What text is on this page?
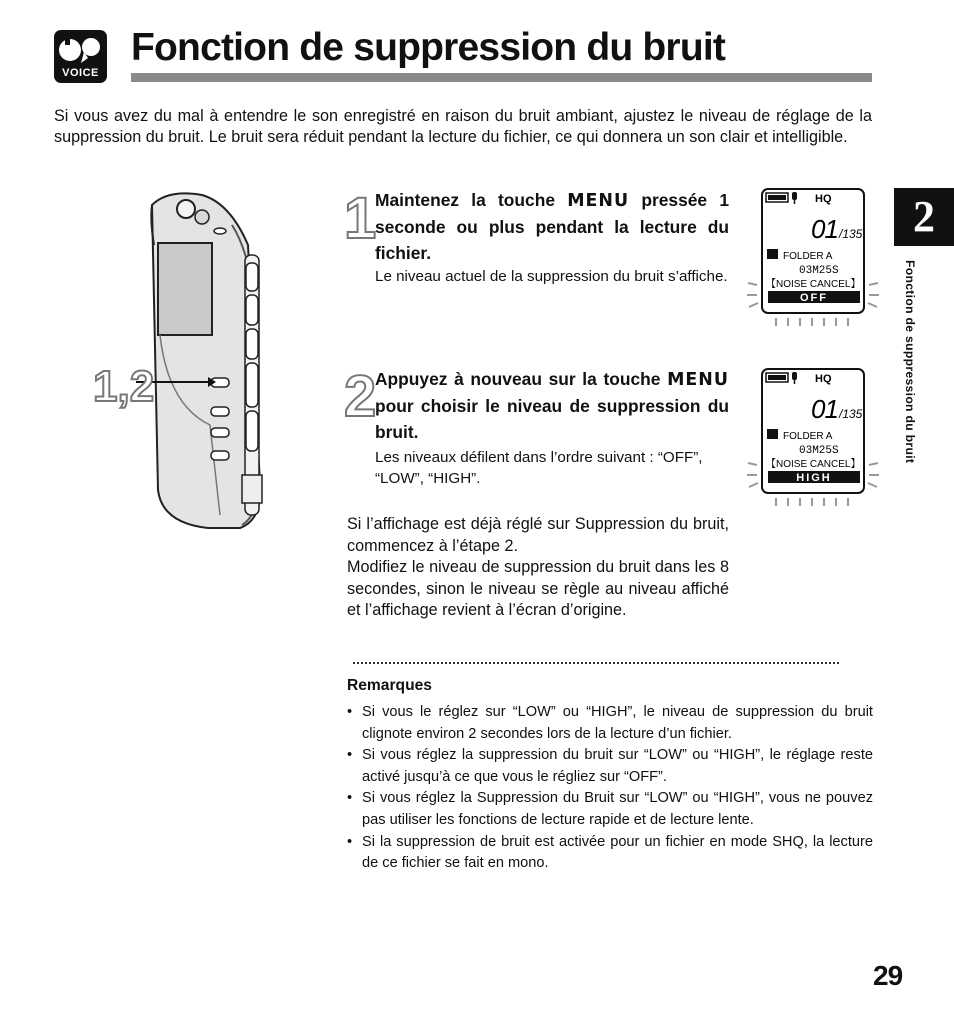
VOICE
Fonction de suppression du bruit

Si vous avez du mal à entendre le son enregistré en raison du bruit ambiant, ajustez le niveau de réglage de la suppression du bruit. Le bruit sera réduit pendant la lecture du fichier, ce qui donnera un son clair et intelligible.

2
Fonction de suppression du bruit
1,2
1

Maintenez la touche MENU pressée 1 seconde ou plus pendant la lecture du fichier.

Le niveau actuel de la suppression du bruit s’affiche.

HQ
01 /135
FOLDER A
03M25S
【NOISE CANCEL】
OFF
2

Appuyez à nouveau sur la touche MENU pour choisir le niveau de suppression du bruit.

Les niveaux défilent dans l’ordre suivant : “OFF”, “LOW”, “HIGH”.

HQ
01 /135
FOLDER A
03M25S
【NOISE CANCEL】
HIGH

Si l’affichage est déjà réglé sur Suppression du bruit, commencez à l’étape 2.

Modifiez le niveau de suppression du bruit dans les 8 secondes, sinon le niveau se règle au niveau affiché et l’affichage revient à l’écran d’origine.

Remarques
• Si vous le réglez sur “LOW” ou “HIGH”, le niveau de suppression du bruit clignote environ 2 secondes lors de la lecture d’un fichier.
• Si vous réglez la suppression du bruit sur “LOW” ou “HIGH”, le réglage reste activé jusqu’à ce que vous le régliez sur “OFF”.
• Si vous réglez la Suppression du Bruit sur “LOW” ou “HIGH”, vous ne pouvez pas utiliser les fonctions de lecture rapide et de lecture lente.
• Si la suppression de bruit est activée pour un fichier en mode SHQ, la lecture de ce fichier se fait en mono.
29
